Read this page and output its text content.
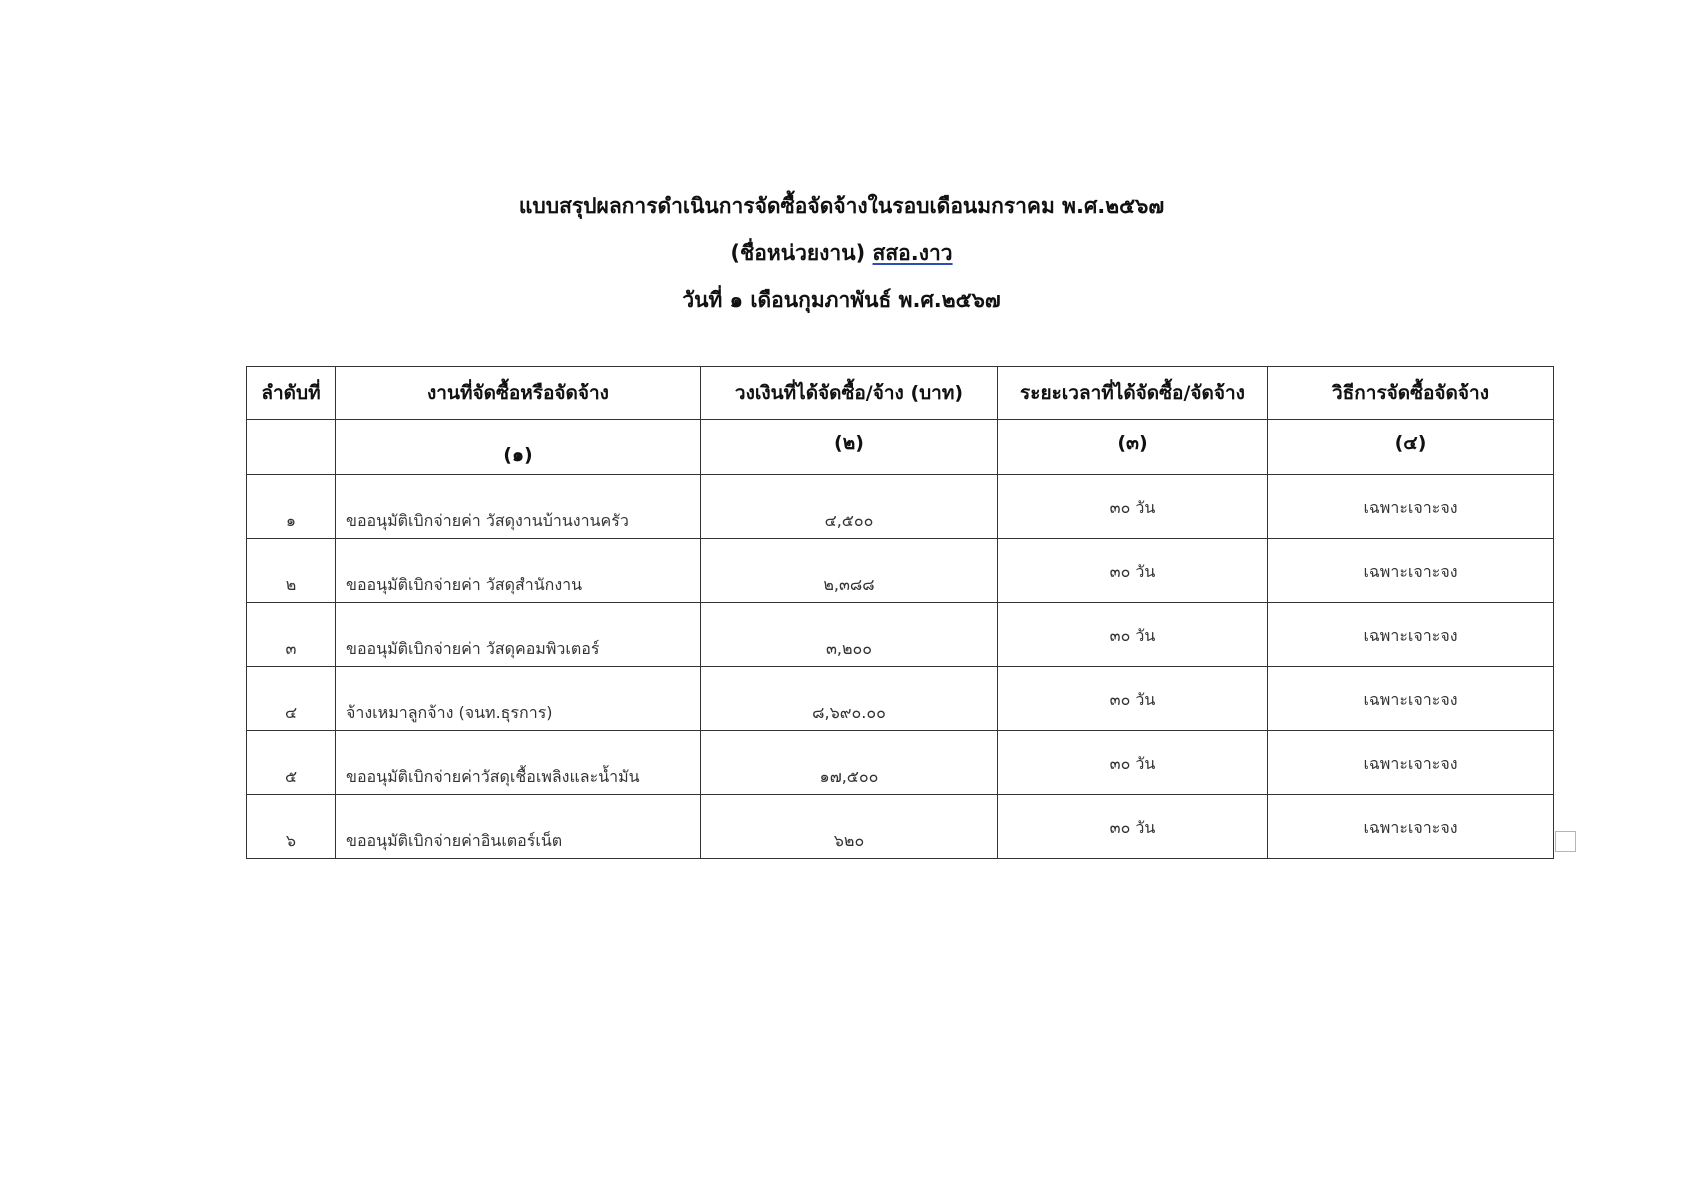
แบบสรุปผลการดำเนินการจัดซื้อจัดจ้างในรอบเดือนมกราคม พ.ศ.๒๕๖๗
(ชื่อหน่วยงาน) สสอ.งาว
วันที่ ๑ เดือนกุมภาพันธ์ พ.ศ.๒๕๖๗
ลำดับที่	งานที่จัดซื้อหรือจัดจ้าง	วงเงินที่ได้จัดซื้อ/จ้าง (บาท)	ระยะเวลาที่ได้จัดซื้อ/จัดจ้าง	วิธีการจัดซื้อจัดจ้าง
	(๑)	(๒)	(๓)	(๔)
๑	ขออนุมัติเบิกจ่ายค่า วัสดุงานบ้านงานครัว	๔,๕๐๐	๓๐ วัน	เฉพาะเจาะจง
๒	ขออนุมัติเบิกจ่ายค่า วัสดุสำนักงาน	๒,๓๘๘	๓๐ วัน	เฉพาะเจาะจง
๓	ขออนุมัติเบิกจ่ายค่า วัสดุคอมพิวเตอร์	๓,๒๐๐	๓๐ วัน	เฉพาะเจาะจง
๔	จ้างเหมาลูกจ้าง (จนท.ธุรการ)	๘,๖๙๐.๐๐	๓๐ วัน	เฉพาะเจาะจง
๕	ขออนุมัติเบิกจ่ายค่าวัสดุเชื้อเพลิงและน้ำมัน	๑๗,๕๐๐	๓๐ วัน	เฉพาะเจาะจง
๖	ขออนุมัติเบิกจ่ายค่าอินเตอร์เน็ต	๖๒๐	๓๐ วัน	เฉพาะเจาะจง
